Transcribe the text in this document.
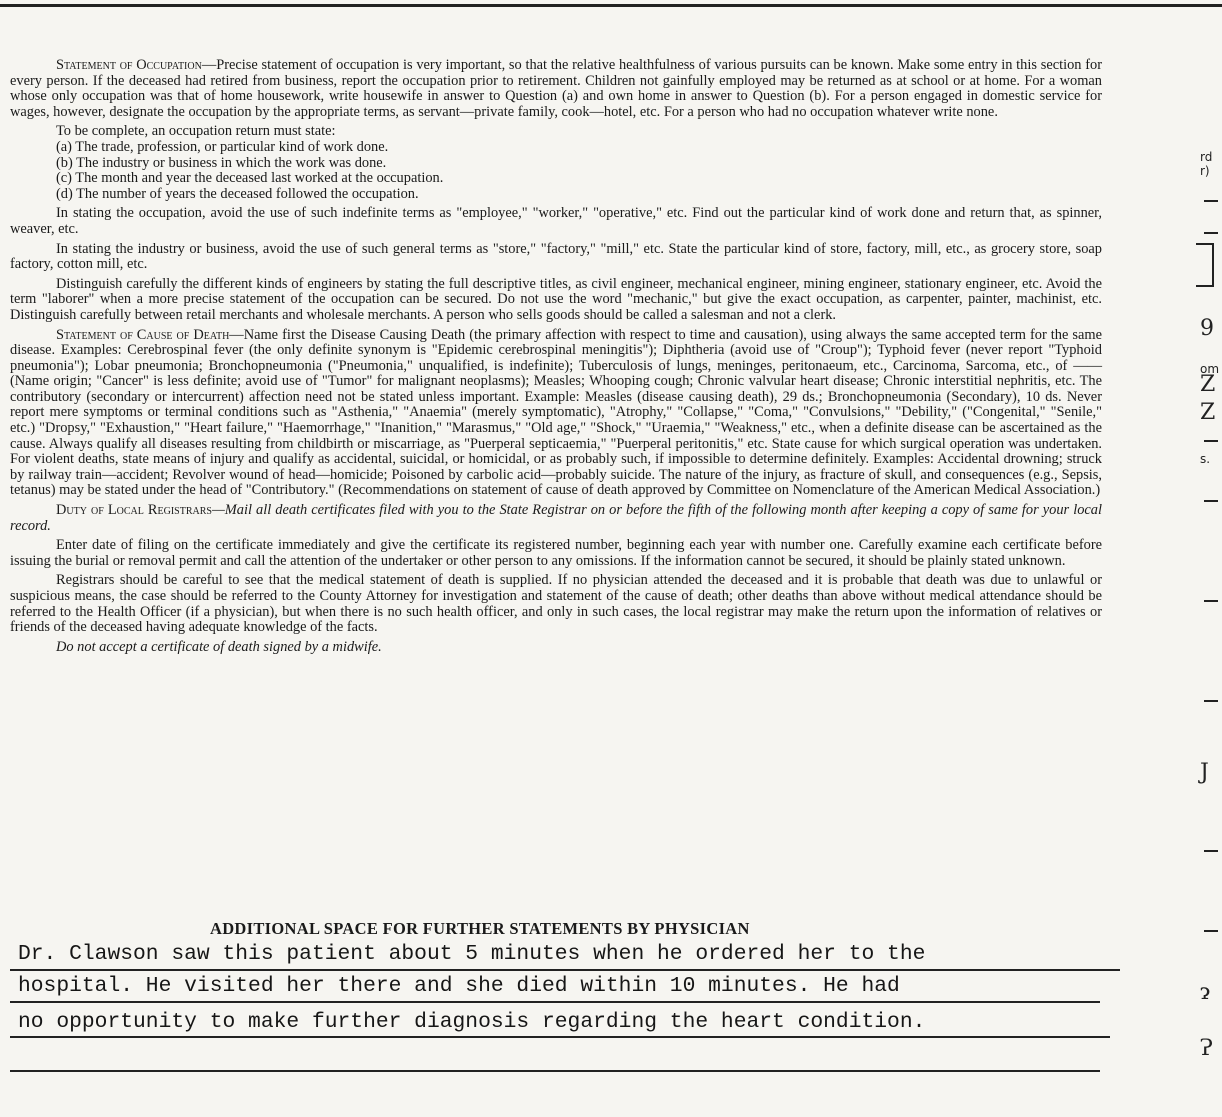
Statement of Occupation—Precise statement of occupation is very important, so that the relative healthfulness of various pursuits can be known. Make some entry in this section for every person. If the deceased had retired from business, report the occupation prior to retirement. Children not gainfully employed may be returned as at school or at home. For a woman whose only occupation was that of home housework, write housewife in answer to Question (a) and own home in answer to Question (b). For a person engaged in domestic service for wages, however, designate the occupation by the appropriate terms, as servant—private family, cook—hotel, etc. For a person who had no occupation whatever write none.

To be complete, an occupation return must state:

(a) The trade, profession, or particular kind of work done.
(b) The industry or business in which the work was done.
(c) The month and year the deceased last worked at the occupation.
(d) The number of years the deceased followed the occupation.

In stating the occupation, avoid the use of such indefinite terms as "employee," "worker," "operative," etc. Find out the particular kind of work done and return that, as spinner, weaver, etc.

In stating the industry or business, avoid the use of such general terms as "store," "factory," "mill," etc. State the particular kind of store, factory, mill, etc., as grocery store, soap factory, cotton mill, etc.

Distinguish carefully the different kinds of engineers by stating the full descriptive titles, as civil engineer, mechanical engineer, mining engineer, stationary engineer, etc. Avoid the term "laborer" when a more precise statement of the occupation can be secured. Do not use the word "mechanic," but give the exact occupation, as carpenter, painter, machinist, etc. Distinguish carefully between retail merchants and wholesale merchants. A person who sells goods should be called a salesman and not a clerk.

Statement of Cause of Death—Name first the Disease Causing Death (the primary affection with respect to time and causation), using always the same accepted term for the same disease. Examples: Cerebrospinal fever (the only definite synonym is "Epidemic cerebrospinal meningitis"); Diphtheria (avoid use of "Croup"); Typhoid fever (never report "Typhoid pneumonia"); Lobar pneumonia; Bronchopneumonia ("Pneumonia," unqualified, is indefinite); Tuberculosis of lungs, meninges, peritonaeum, etc., Carcinoma, Sarcoma, etc., of —— (Name origin; "Cancer" is less definite; avoid use of "Tumor" for malignant neoplasms); Measles; Whooping cough; Chronic valvular heart disease; Chronic interstitial nephritis, etc. The contributory (secondary or intercurrent) affection need not be stated unless important. Example: Measles (disease causing death), 29 ds.; Bronchopneumonia (Secondary), 10 ds. Never report mere symptoms or terminal conditions such as "Asthenia," "Anaemia" (merely symptomatic), "Atrophy," "Collapse," "Coma," "Convulsions," "Debility," ("Congenital," "Senile," etc.) "Dropsy," "Exhaustion," "Heart failure," "Haemorrhage," "Inanition," "Marasmus," "Old age," "Shock," "Uraemia," "Weakness," etc., when a definite disease can be ascertained as the cause. Always qualify all diseases resulting from childbirth or miscarriage, as "Puerperal septicaemia," "Puerperal peritonitis," etc. State cause for which surgical operation was undertaken. For violent deaths, state means of injury and qualify as accidental, suicidal, or homicidal, or as probably such, if impossible to determine definitely. Examples: Accidental drowning; struck by railway train—accident; Revolver wound of head—homicide; Poisoned by carbolic acid—probably suicide. The nature of the injury, as fracture of skull, and consequences (e.g., Sepsis, tetanus) may be stated under the head of "Contributory." (Recommendations on statement of cause of death approved by Committee on Nomenclature of the American Medical Association.)

Duty of Local Registrars—Mail all death certificates filed with you to the State Registrar on or before the fifth of the following month after keeping a copy of same for your local record.

Enter date of filing on the certificate immediately and give the certificate its registered number, beginning each year with number one. Carefully examine each certificate before issuing the burial or removal permit and call the attention of the undertaker or other person to any omissions. If the information cannot be secured, it should be plainly stated unknown.

Registrars should be careful to see that the medical statement of death is supplied. If no physician attended the deceased and it is probable that death was due to unlawful or suspicious means, the case should be referred to the County Attorney for investigation and statement of the cause of death; other deaths than above without medical attendance should be referred to the Health Officer (if a physician), but when there is no such health officer, and only in such cases, the local registrar may make the return upon the information of relatives or friends of the deceased having adequate knowledge of the facts.

Do not accept a certificate of death signed by a midwife.

ADDITIONAL SPACE FOR FURTHER STATEMENTS BY PHYSICIAN
Dr. Clawson saw this patient about 5 minutes when he ordered her to the
hospital. He visited her there and she died within 10 minutes. He had
no opportunity to make further diagnosis regarding the heart condition.
rd
r)
9
om
Z
Z
s.
J
ɂ
Ɂ
